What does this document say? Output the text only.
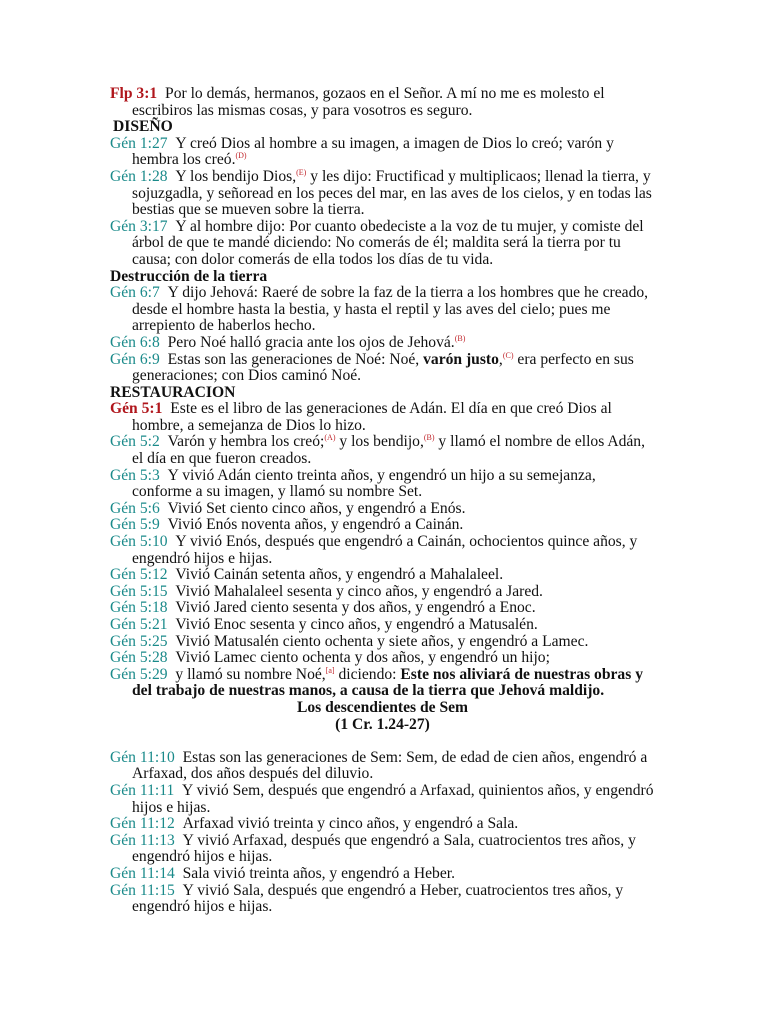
Flp 3:1 Por lo demás, hermanos, gozaos en el Señor. A mí no me es molesto el escribiros las mismas cosas, y para vosotros es seguro.

DISEÑO

Gén 1:27 Y creó Dios al hombre a su imagen, a imagen de Dios lo creó; varón y hembra los creó.$^{(D)}$

Gén 1:28 Y los bendijo Dios,$^{(E)}$ y les dijo: Fructificad y multiplicaos; llenad la tierra, y sojuzgadla, y señoread en los peces del mar, en las aves de los cielos, y en todas las bestias que se mueven sobre la tierra.

Gén 3:17 Y al hombre dijo: Por cuanto obedeciste a la voz de tu mujer, y comiste del árbol de que te mandé diciendo: No comerás de él; maldita será la tierra por tu causa; con dolor comerás de ella todos los días de tu vida.

Destrucción de la tierra

Gén 6:7 Y dijo Jehová: Raeré de sobre la faz de la tierra a los hombres que he creado, desde el hombre hasta la bestia, y hasta el reptil y las aves del cielo; pues me arrepiento de haberlos hecho.

Gén 6:8 Pero Noé halló gracia ante los ojos de Jehová.$^{(B)}$

Gén 6:9 Estas son las generaciones de Noé: Noé, varón justo,$^{(C)}$ era perfecto en sus generaciones; con Dios caminó Noé.

RESTAURACION

Gén 5:1 Este es el libro de las generaciones de Adán. El día en que creó Dios al hombre, a semejanza de Dios lo hizo.

Gén 5:2 Varón y hembra los creó;$^{(A)}$ y los bendijo,$^{(B)}$ y llamó el nombre de ellos Adán, el día en que fueron creados.

Gén 5:3 Y vivió Adán ciento treinta años, y engendró un hijo a su semejanza, conforme a su imagen, y llamó su nombre Set.

Gén 5:6 Vivió Set ciento cinco años, y engendró a Enós.

Gén 5:9 Vivió Enós noventa años, y engendró a Cainán.

Gén 5:10 Y vivió Enós, después que engendró a Cainán, ochocientos quince años, y engendró hijos e hijas.

Gén 5:12 Vivió Cainán setenta años, y engendró a Mahalaleel.

Gén 5:15 Vivió Mahalaleel sesenta y cinco años, y engendró a Jared.

Gén 5:18 Vivió Jared ciento sesenta y dos años, y engendró a Enoc.

Gén 5:21 Vivió Enoc sesenta y cinco años, y engendró a Matusalén.

Gén 5:25 Vivió Matusalén ciento ochenta y siete años, y engendró a Lamec.

Gén 5:28 Vivió Lamec ciento ochenta y dos años, y engendró un hijo;

Gén 5:29 y llamó su nombre Noé,[a] diciendo: Este nos aliviará de nuestras obras y del trabajo de nuestras manos, a causa de la tierra que Jehová maldijo.

Los descendientes de Sem

(1 Cr. 1.24-27)

Gén 11:10 Estas son las generaciones de Sem: Sem, de edad de cien años, engendró a Arfaxad, dos años después del diluvio.

Gén 11:11 Y vivió Sem, después que engendró a Arfaxad, quinientos años, y engendró hijos e hijas.

Gén 11:12 Arfaxad vivió treinta y cinco años, y engendró a Sala.

Gén 11:13 Y vivió Arfaxad, después que engendró a Sala, cuatrocientos tres años, y engendró hijos e hijas.

Gén 11:14 Sala vivió treinta años, y engendró a Heber.

Gén 11:15 Y vivió Sala, después que engendró a Heber, cuatrocientos tres años, y engendró hijos e hijas.
